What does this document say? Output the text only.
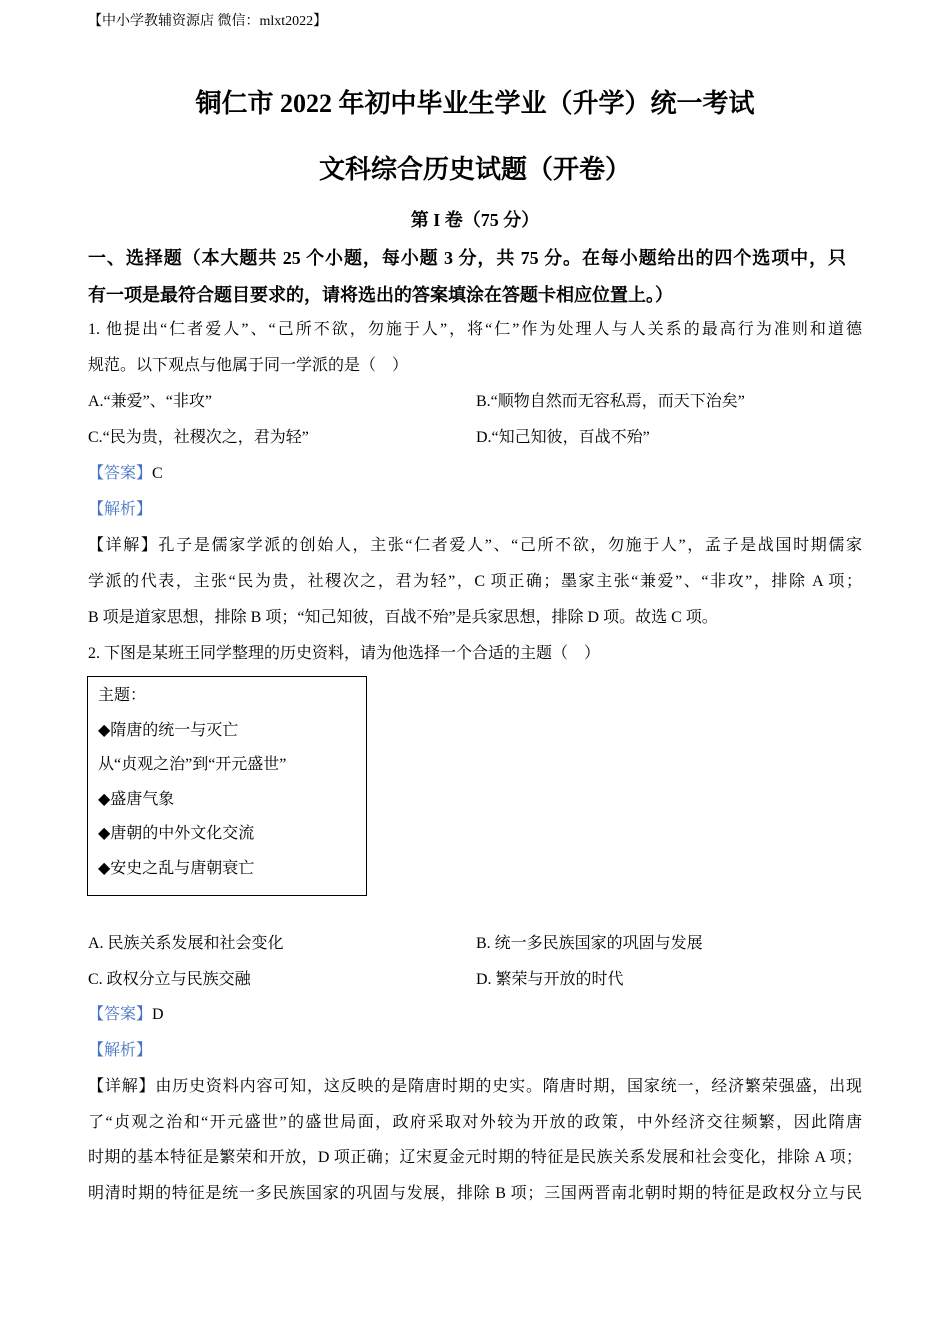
【中小学教辅资源店 微信：mlxt2022】
铜仁市 2022 年初中毕业生学业（升学）统一考试
文科综合历史试题（开卷）
第 I 卷（75 分）
一、选择题（本大题共 25 个小题，每小题 3 分，共 75 分。在每小题给出的四个选项中，只
有一项是最符合题目要求的，请将选出的答案填涂在答题卡相应位置上。）
1. 他提出“仁者爱人”、“己所不欲，勿施于人”，将“仁”作为处理人与人关系的最高行为准则和道德
规范。以下观点与他属于同一学派的是（　）
A.“兼爱”、“非攻”	B.“顺物自然而无容私焉，而天下治矣”
C.“民为贵，社稷次之，君为轻”	D.“知己知彼，百战不殆”
【答案】C
【解析】
【详解】孔子是儒家学派的创始人，主张“仁者爱人”、“己所不欲，勿施于人”，孟子是战国时期儒家
学派的代表，主张“民为贵，社稷次之，君为轻”，C 项正确；墨家主张“兼爱”、“非攻”，排除 A 项；
B 项是道家思想，排除 B 项；“知己知彼，百战不殆”是兵家思想，排除 D 项。故选 C 项。
2. 下图是某班王同学整理的历史资料，请为他选择一个合适的主题（　）
主题：
◆隋唐的统一与灭亡
从“贞观之治”到“开元盛世”
◆盛唐气象
◆唐朝的中外文化交流
◆安史之乱与唐朝衰亡
A. 民族关系发展和社会变化	B. 统一多民族国家的巩固与发展
C. 政权分立与民族交融	D. 繁荣与开放的时代
【答案】D
【解析】
【详解】由历史资料内容可知，这反映的是隋唐时期的史实。隋唐时期，国家统一，经济繁荣强盛，出现
了“贞观之治和“开元盛世”的盛世局面，政府采取对外较为开放的政策，中外经济交往频繁，因此隋唐
时期的基本特征是繁荣和开放，D 项正确；辽宋夏金元时期的特征是民族关系发展和社会变化，排除 A 项；
明清时期的特征是统一多民族国家的巩固与发展，排除 B 项；三国两晋南北朝时期的特征是政权分立与民
